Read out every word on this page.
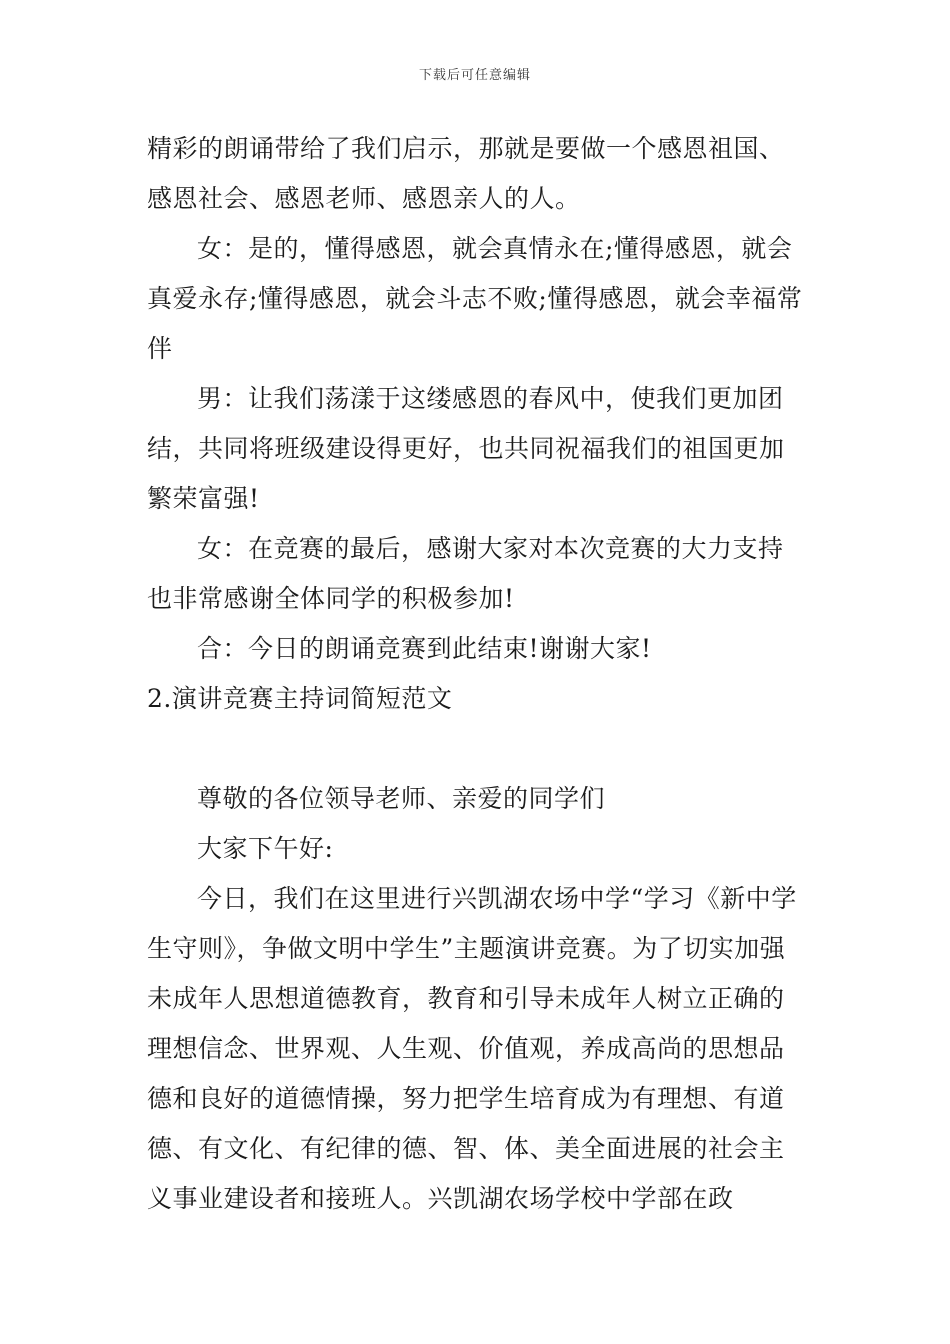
下载后可任意编辑

精彩的朗诵带给了我们启示，那就是要做一个感恩祖国、感恩社会、感恩老师、感恩亲人的人。

女：是的，懂得感恩，就会真情永在;懂得感恩，就会真爱永存;懂得感恩，就会斗志不败;懂得感恩，就会幸福常伴

男：让我们荡漾于这缕感恩的春风中，使我们更加团结，共同将班级建设得更好，也共同祝福我们的祖国更加繁荣富强!

女：在竞赛的最后，感谢大家对本次竞赛的大力支持也非常感谢全体同学的积极参加!

合：今日的朗诵竞赛到此结束!谢谢大家!

2.演讲竞赛主持词简短范文

尊敬的各位领导老师、亲爱的同学们

大家下午好:

今日，我们在这里进行兴凯湖农场中学“学习《新中学生守则》，争做文明中学生”主题演讲竞赛。为了切实加强未成年人思想道德教育，教育和引导未成年人树立正确的理想信念、世界观、人生观、价值观，养成高尚的思想品德和良好的道德情操，努力把学生培育成为有理想、有道德、有文化、有纪律的德、智、体、美全面进展的社会主义事业建设者和接班人。兴凯湖农场学校中学部在政
